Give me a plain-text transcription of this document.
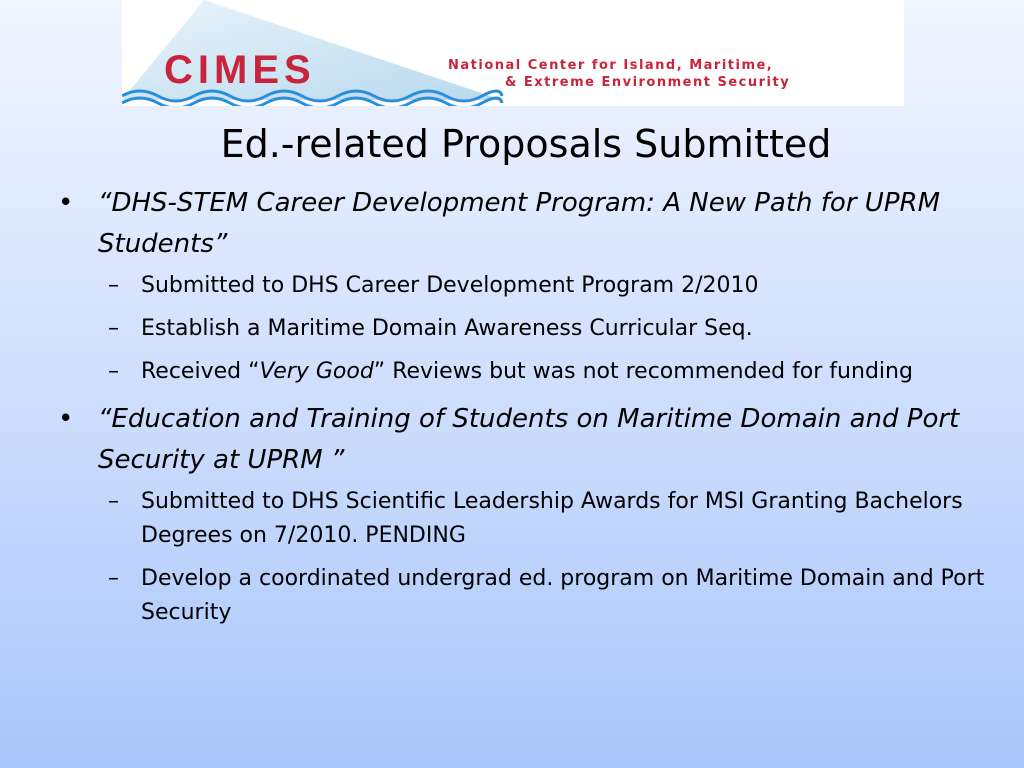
CIMES	National Center for Island, Maritime,
& Extreme Environment Security
Ed.-related Proposals Submitted
• “DHS-STEM Career Development Program: A New Path for UPRM Students”
– Submitted to DHS Career Development Program 2/2010
– Establish a Maritime Domain Awareness Curricular Seq.
– Received “Very Good” Reviews but was not recommended for funding
• “Education and Training of Students on Maritime Domain and Port Security at UPRM ”
– Submitted to DHS Scientific Leadership Awards for MSI Granting Bachelors Degrees on 7/2010. PENDING
– Develop a coordinated undergrad ed. program on Maritime Domain and Port Security
